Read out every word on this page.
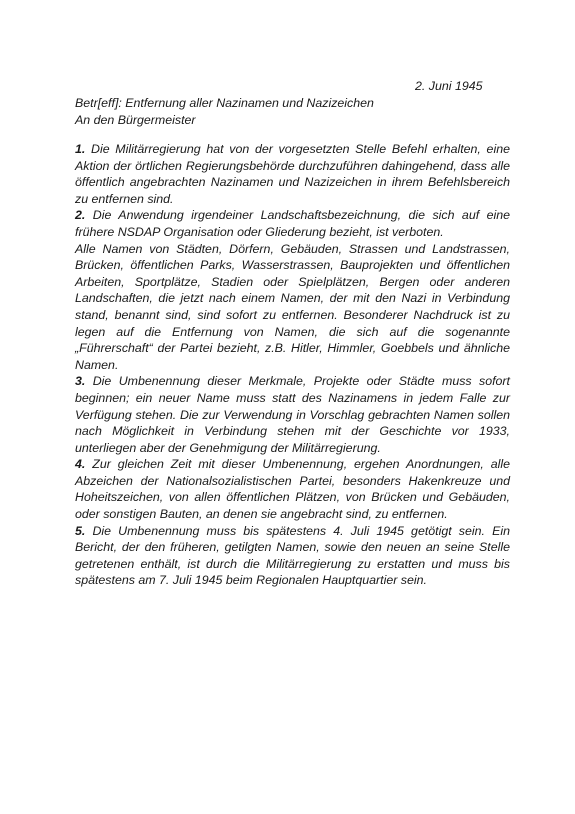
2. Juni 1945
Betr[eff]: Entfernung aller Nazinamen und Nazizeichen
An den Bürgermeister

1. Die Militärregierung hat von der vorgesetzten Stelle Befehl erhalten, eine Aktion der örtlichen Regierungsbehörde durchzuführen dahingehend, dass alle öffentlich angebrachten Nazinamen und Nazizeichen in ihrem Befehlsbereich zu entfernen sind.

2. Die Anwendung irgendeiner Landschaftsbezeichnung, die sich auf eine frühere NSDAP Organisation oder Gliederung bezieht, ist verboten.

Alle Namen von Städten, Dörfern, Gebäuden, Strassen und Landstrassen, Brücken, öffentlichen Parks, Wasserstrassen, Bauprojekten und öffentlichen Arbeiten, Sportplätze, Stadien oder Spielplätzen, Bergen oder anderen Landschaften, die jetzt nach einem Namen, der mit den Nazi in Verbindung stand, benannt sind, sind sofort zu entfernen. Besonderer Nachdruck ist zu legen auf die Entfernung von Namen, die sich auf die sogenannte „Führerschaft“ der Partei bezieht, z.B. Hitler, Himmler, Goebbels und ähnliche Namen.

3. Die Umbenennung dieser Merkmale, Projekte oder Städte muss sofort beginnen; ein neuer Name muss statt des Nazinamens in jedem Falle zur Verfügung stehen. Die zur Verwendung in Vorschlag gebrachten Namen sollen nach Möglichkeit in Verbindung stehen mit der Geschichte vor 1933, unterliegen aber der Genehmigung der Militärregierung.

4. Zur gleichen Zeit mit dieser Umbenennung, ergehen Anordnungen, alle Abzeichen der Nationalsozialistischen Partei, besonders Hakenkreuze und Hoheitszeichen, von allen öffentlichen Plätzen, von Brücken und Gebäuden, oder sonstigen Bauten, an denen sie angebracht sind, zu entfernen.

5. Die Umbenennung muss bis spätestens 4. Juli 1945 getötigt sein. Ein Bericht, der den früheren, getilgten Namen, sowie den neuen an seine Stelle getretenen enthält, ist durch die Militärregierung zu erstatten und muss bis spätestens am 7. Juli 1945 beim Regionalen Hauptquartier sein.
